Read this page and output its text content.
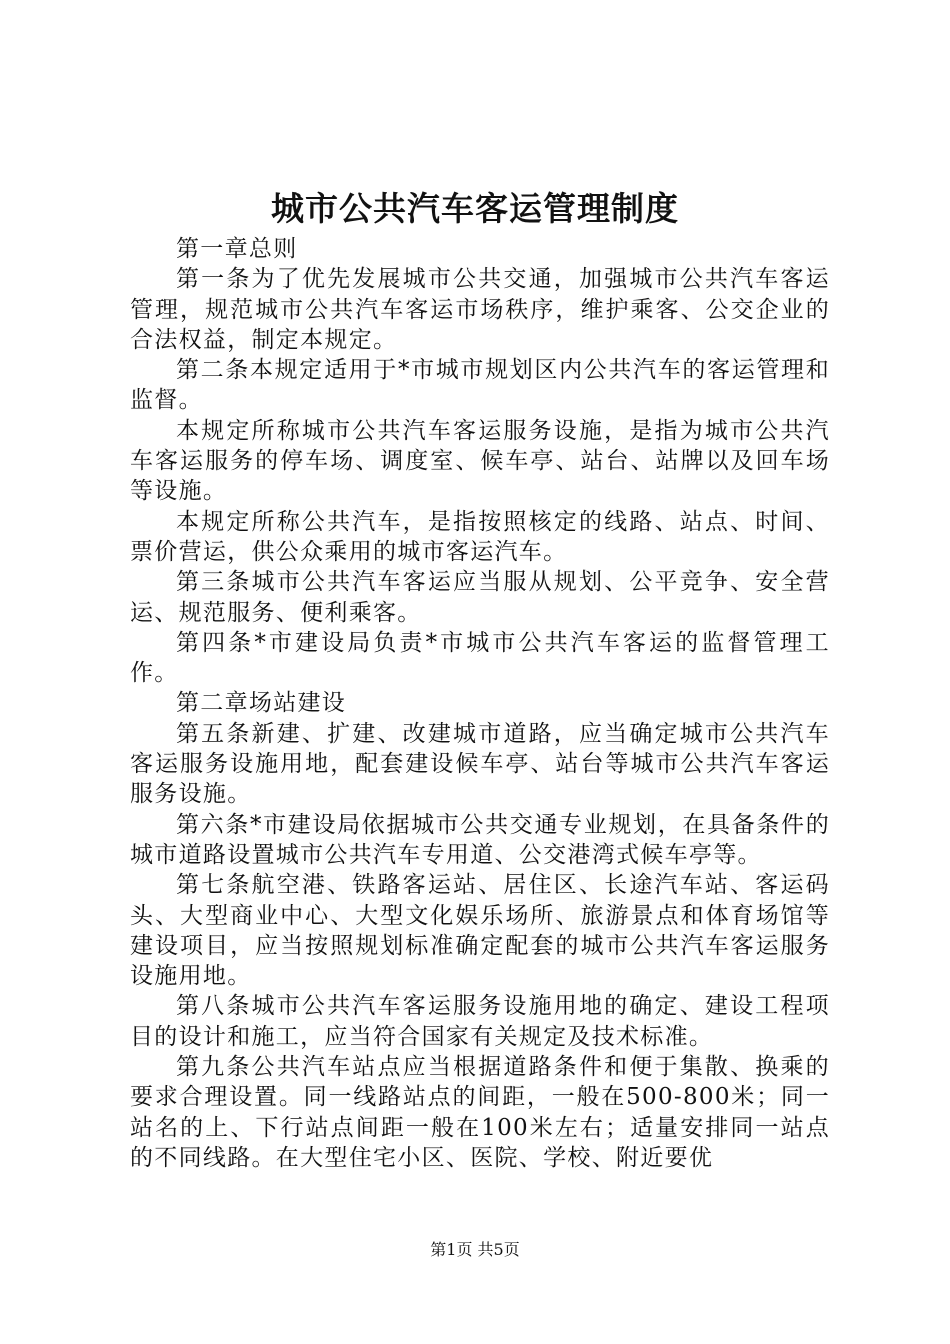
城市公共汽车客运管理制度

第一章总则

第一条为了优先发展城市公共交通，加强城市公共汽车客运管理，规范城市公共汽车客运市场秩序，维护乘客、公交企业的合法权益，制定本规定。

第二条本规定适用于*市城市规划区内公共汽车的客运管理和监督。

本规定所称城市公共汽车客运服务设施，是指为城市公共汽车客运服务的停车场、调度室、候车亭、站台、站牌以及回车场等设施。

本规定所称公共汽车，是指按照核定的线路、站点、时间、票价营运，供公众乘用的城市客运汽车。

第三条城市公共汽车客运应当服从规划、公平竞争、安全营运、规范服务、便利乘客。

第四条*市建设局负责*市城市公共汽车客运的监督管理工作。

第二章场站建设

第五条新建、扩建、改建城市道路，应当确定城市公共汽车客运服务设施用地，配套建设候车亭、站台等城市公共汽车客运服务设施。

第六条*市建设局依据城市公共交通专业规划，在具备条件的城市道路设置城市公共汽车专用道、公交港湾式候车亭等。

第七条航空港、铁路客运站、居住区、长途汽车站、客运码头、大型商业中心、大型文化娱乐场所、旅游景点和体育场馆等建设项目，应当按照规划标准确定配套的城市公共汽车客运服务设施用地。

第八条城市公共汽车客运服务设施用地的确定、建设工程项目的设计和施工，应当符合国家有关规定及技术标准。

第九条公共汽车站点应当根据道路条件和便于集散、换乘的要求合理设置。同一线路站点的间距，一般在500-800米；同一站名的上、下行站点间距一般在100米左右；适量安排同一站点的不同线路。在大型住宅小区、医院、学校、附近要优

第1页 共5页
